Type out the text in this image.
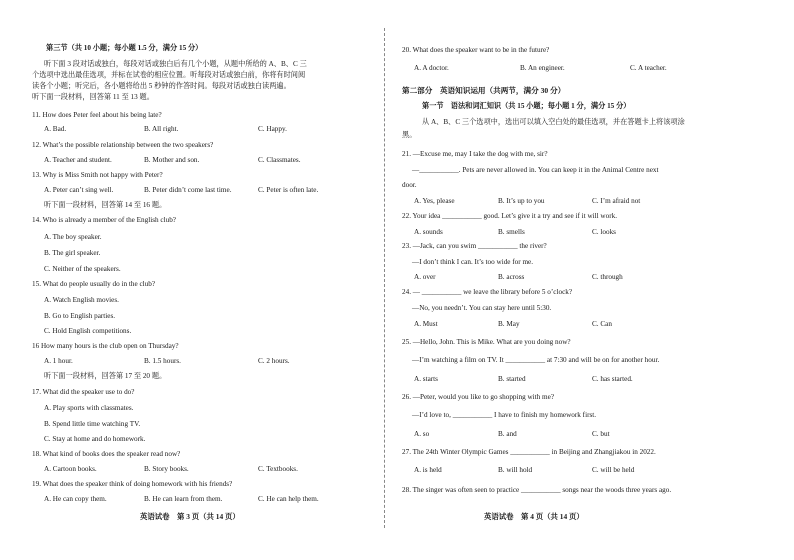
第三节（共 10 小题；每小题 1.5 分，满分 15 分）
听下面 3 段对话或独白，每段对话或独白后有几个小题，从题中所给的 A、B、C 三
个选项中选出最佳选项，并标在试卷的相应位置。听每段对话或独白前，你将有时间阅
读各个小题；听完后，各小题将给出 5 秒钟的作答时间。每段对话或独白读两遍。
听下面一段材料，回答第 11 至 13 题。
11. How does Peter feel about his being late?
A. Bad.	B. All right.	C. Happy.
12. What’s the possible relationship between the two speakers?
A. Teacher and student.	B. Mother and son.	C. Classmates.
13. Why is Miss Smith not happy with Peter?
A. Peter can’t sing well.	B. Peter didn’t come last time.	C. Peter is often late.
听下面一段材料，回答第 14 至 16 题。
14. Who is already a member of the English club?
A. The boy speaker.
B. The girl speaker.
C. Neither of the speakers.
15. What do people usually do in the club?
A. Watch English movies.
B. Go to English parties.
C. Hold English competitions.
16 How many hours is the club open on Thursday?
A. 1 hour.	B. 1.5 hours.	C. 2 hours.
听下面一段材料，回答第 17 至 20 题。
17. What did the speaker use to do?
A. Play sports with classmates.
B. Spend little time watching TV.
C. Stay at home and do homework.
18. What kind of books does the speaker read now?
A. Cartoon books.	B. Story books.	C. Textbooks.
19. What does the speaker think of doing homework with his friends?
A. He can copy them.	B. He can learn from them.	C. He can help them.
英语试卷　第 3 页（共 14 页）
20. What does the speaker want to be in the future?
A. A doctor.	B. An engineer.	C. A teacher.
第二部分　英语知识运用（共两节，满分 30 分）
第一节　语法和词汇知识（共 15 小题；每小题 1 分，满分 15 分）
从 A、B、C 三个选项中，选出可以填入空白处的最佳选项，并在答题卡上将该项涂
黑。
21. —Excuse me, may I take the dog with me, sir?
—___________. Pets are never allowed in. You can keep it in the Animal Centre next
door.
A. Yes, please	B. It’s up to you	C. I’m afraid not
22. Your idea ___________ good. Let’s give it a try and see if it will work.
A. sounds	B. smells	C. looks
23. —Jack, can you swim ___________ the river?
—I don’t think I can. It’s too wide for me.
A. over	B. across	C. through
24. — ___________ we leave the library before 5 o’clock?
—No, you needn’t. You can stay here until 5:30.
A. Must	B. May	C. Can
25. —Hello, John. This is Mike. What are you doing now?
—I’m watching a film on TV. It ___________ at 7:30 and will be on for another hour.
A. starts	B. started	C. has started.
26. —Peter, would you like to go shopping with me?
—I’d love to, ___________ I have to finish my homework first.
A. so	B. and	C. but
27. The 24th Winter Olympic Games ___________ in Beijing and Zhangjiakou in 2022.
A. is held	B. will hold	C. will be held
28. The singer was often seen to practice ___________ songs near the woods three years ago.
英语试卷　第 4 页（共 14 页）
